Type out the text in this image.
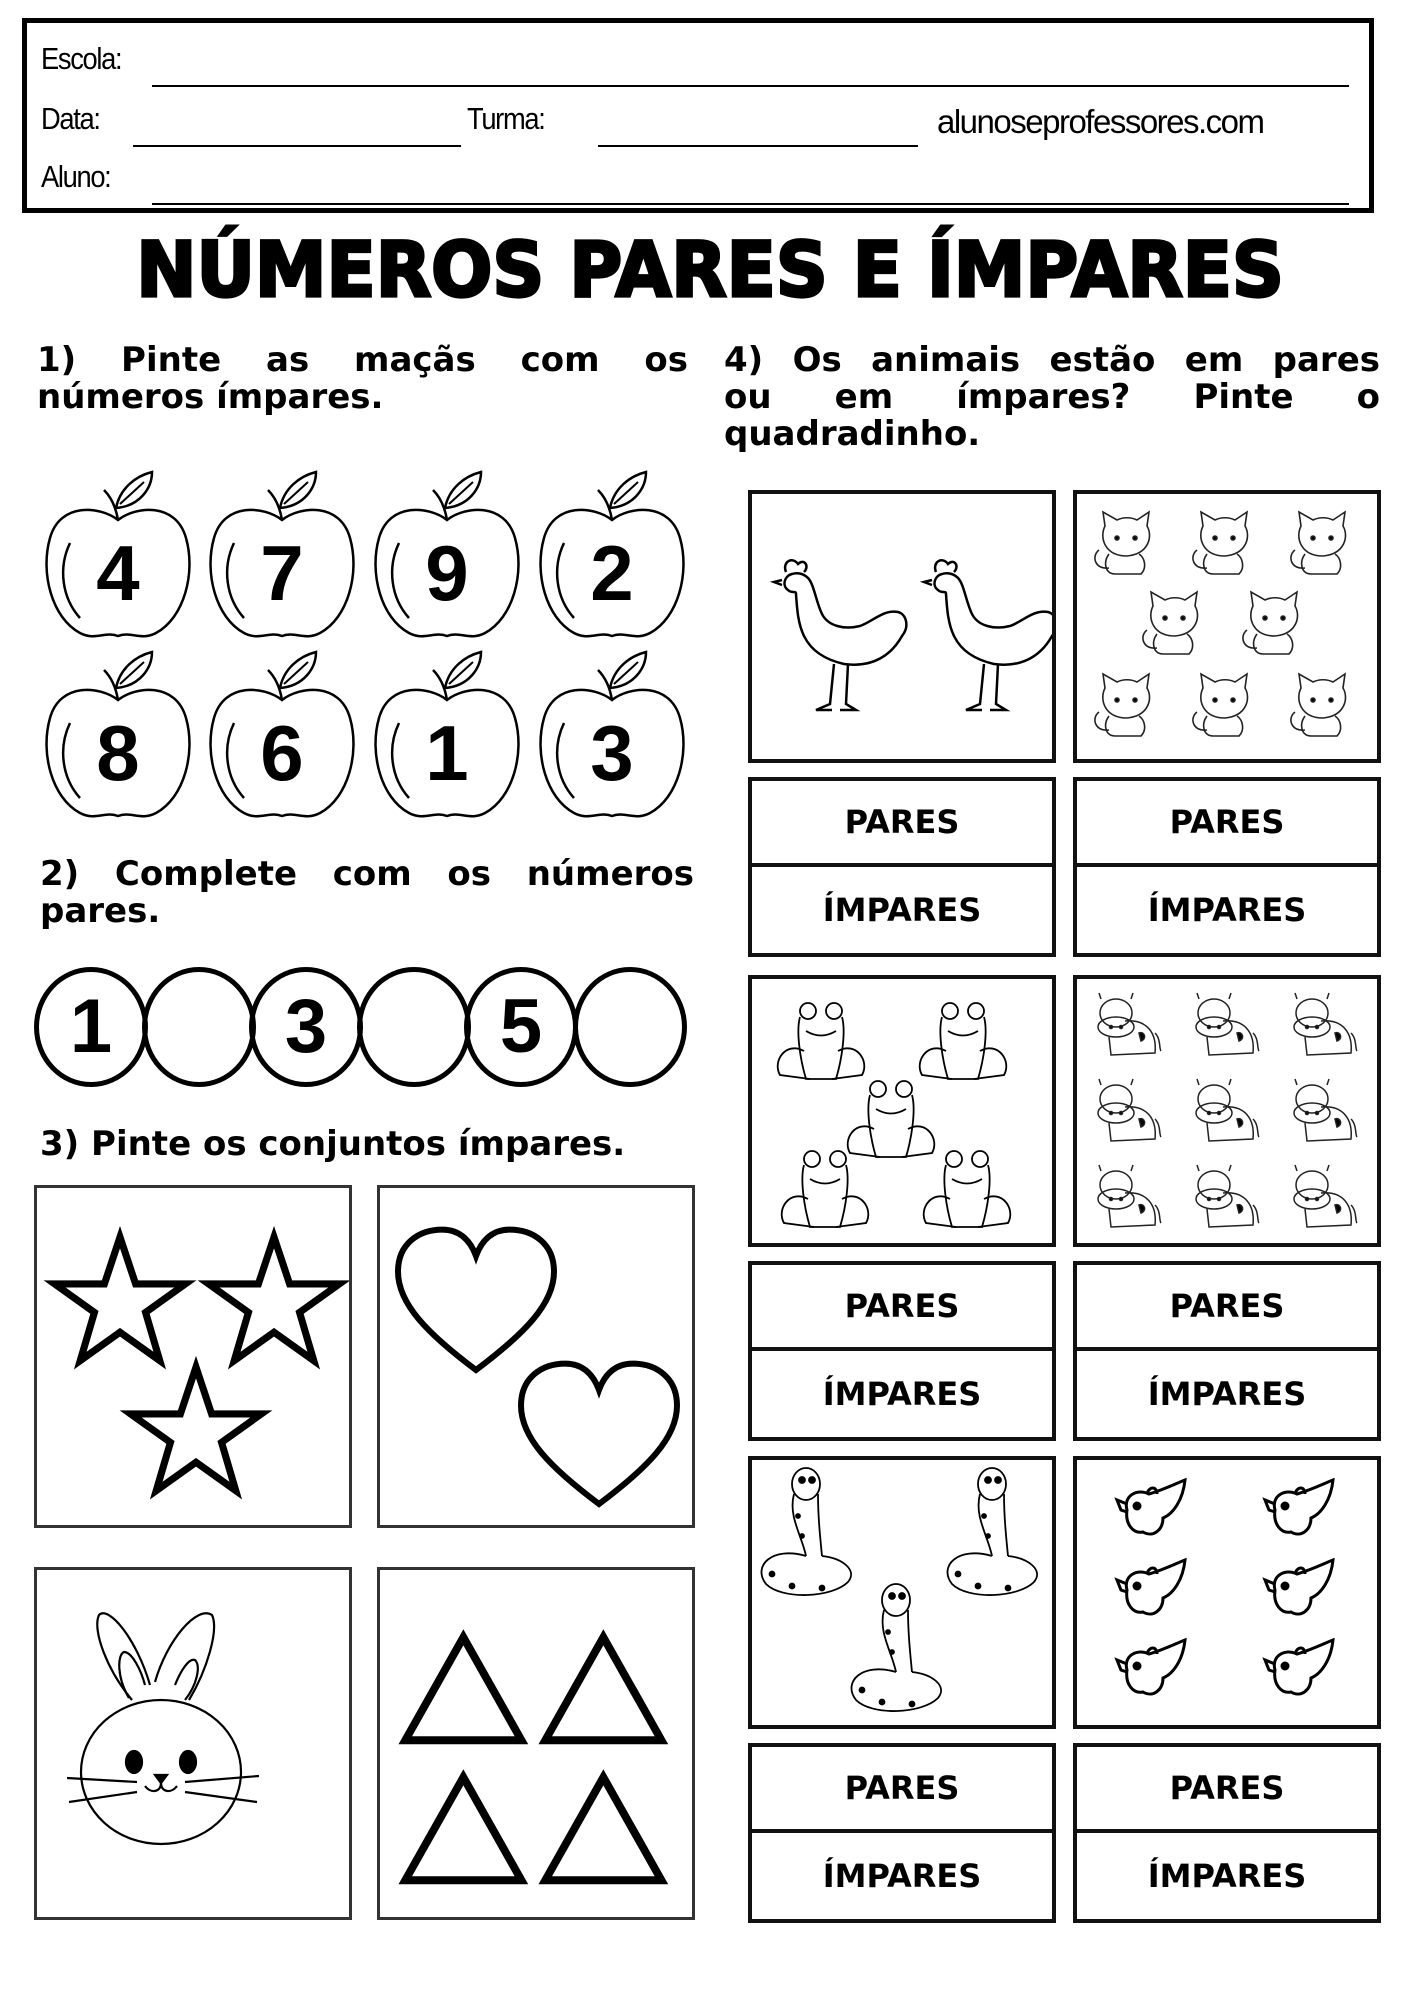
Escola:
Data:	Turma:	alunoseprofessores.com
Aluno:
NÚMEROS PARES E ÍMPARES
1) Pinte as maçãs com os
números ímpares.
4	7	9	2
8	6	1	3
2) Complete com os números
pares.
1	3	5
3) Pinte os conjuntos ímpares.
4) Os animais estão em pares
ou em ímpares? Pinte o
quadradinho.
PARES
ÍMPARES
PARES
ÍMPARES
PARES
ÍMPARES
PARES
ÍMPARES
PARES
ÍMPARES
PARES
ÍMPARES
